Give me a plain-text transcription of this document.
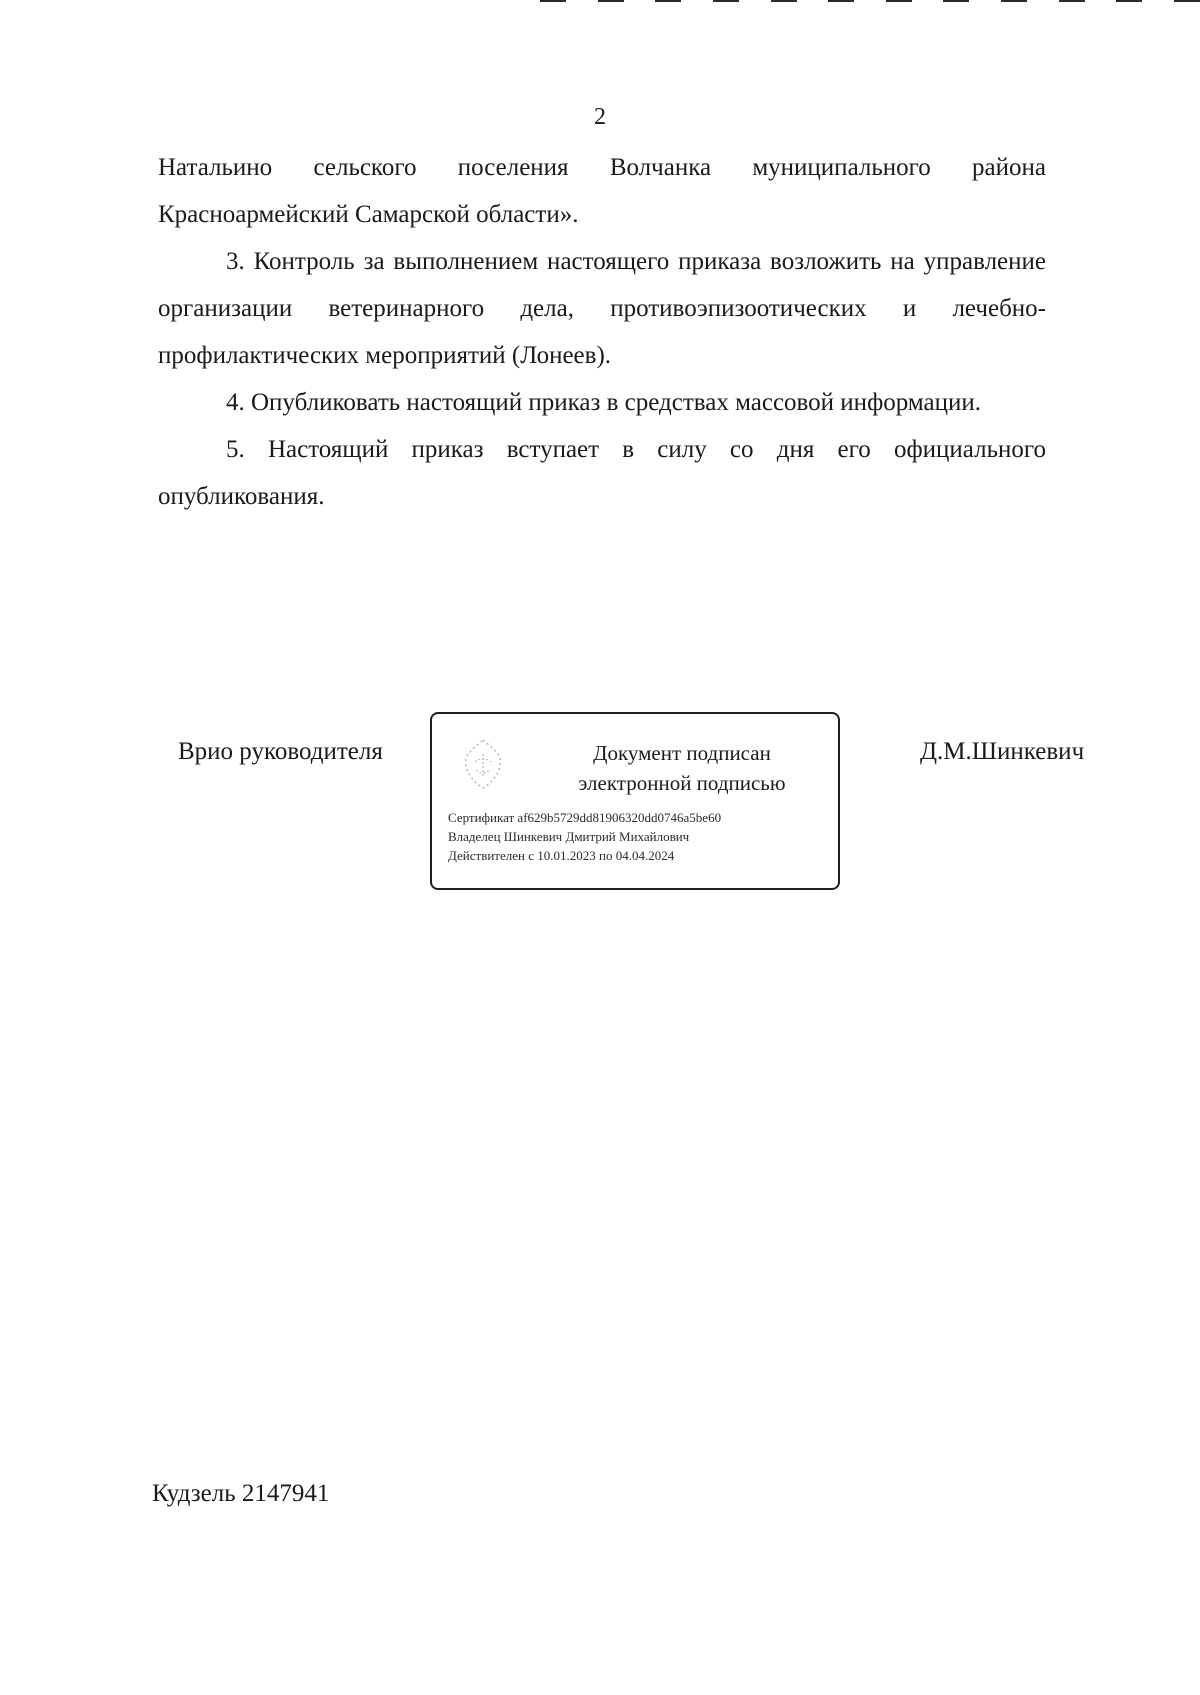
2

Натальино сельского поселения Волчанка муниципального района Красноармейский Самарской области».

3. Контроль за выполнением настоящего приказа возложить на управление организации ветеринарного дела, противоэпизоотических и лечебно-профилактических мероприятий (Лонеев).

4. Опубликовать настоящий приказ в средствах массовой информации.

5. Настоящий приказ вступает в силу со дня его официального опубликования.

Врио руководителя	Документ подписан
электронной подписью
Сертификат af629b5729dd81906320dd0746a5be60
Владелец Шинкевич Дмитрий Михайлович
Действителен с 10.01.2023 по 04.04.2024
Д.М.Шинкевич
Кудзель 2147941
